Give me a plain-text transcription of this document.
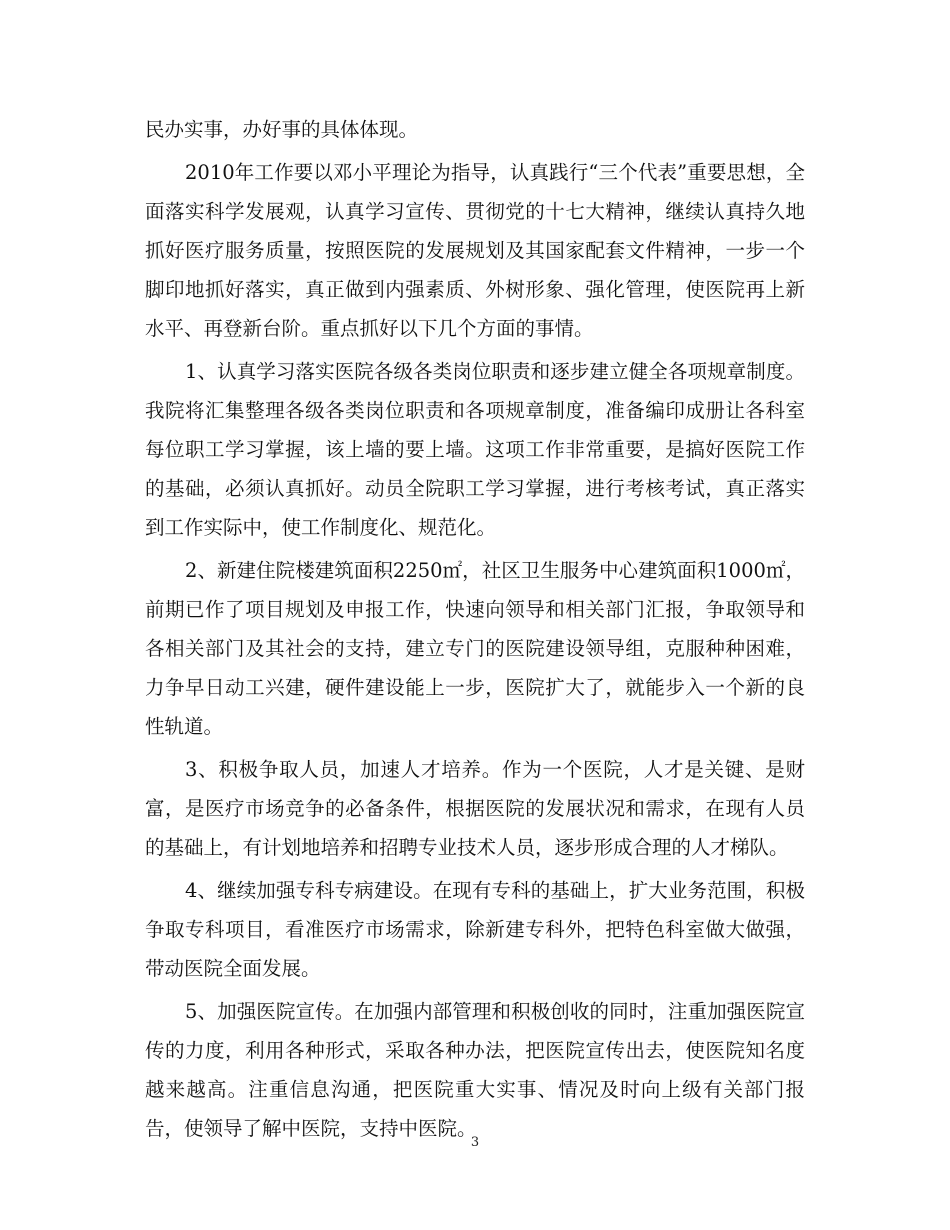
民办实事，办好事的具体体现。

2010年工作要以邓小平理论为指导，认真践行“三个代表”重要思想，全面落实科学发展观，认真学习宣传、贯彻党的十七大精神，继续认真持久地抓好医疗服务质量，按照医院的发展规划及其国家配套文件精神，一步一个脚印地抓好落实，真正做到内强素质、外树形象、强化管理，使医院再上新水平、再登新台阶。重点抓好以下几个方面的事情。

1、认真学习落实医院各级各类岗位职责和逐步建立健全各项规章制度。我院将汇集整理各级各类岗位职责和各项规章制度，准备编印成册让各科室每位职工学习掌握，该上墙的要上墙。这项工作非常重要，是搞好医院工作的基础，必须认真抓好。动员全院职工学习掌握，进行考核考试，真正落实到工作实际中，使工作制度化、规范化。

2、新建住院楼建筑面积2250㎡，社区卫生服务中心建筑面积1000㎡，前期已作了项目规划及申报工作，快速向领导和相关部门汇报，争取领导和各相关部门及其社会的支持，建立专门的医院建设领导组，克服种种困难，力争早日动工兴建，硬件建设能上一步，医院扩大了，就能步入一个新的良性轨道。

3、积极争取人员，加速人才培养。作为一个医院，人才是关键、是财富，是医疗市场竞争的必备条件，根据医院的发展状况和需求，在现有人员的基础上，有计划地培养和招聘专业技术人员，逐步形成合理的人才梯队。

4、继续加强专科专病建设。在现有专科的基础上，扩大业务范围，积极争取专科项目，看准医疗市场需求，除新建专科外，把特色科室做大做强，带动医院全面发展。

5、加强医院宣传。在加强内部管理和积极创收的同时，注重加强医院宣传的力度，利用各种形式，采取各种办法，把医院宣传出去，使医院知名度越来越高。注重信息沟通，把医院重大实事、情况及时向上级有关部门报告，使领导了解中医院，支持中医院。

3
